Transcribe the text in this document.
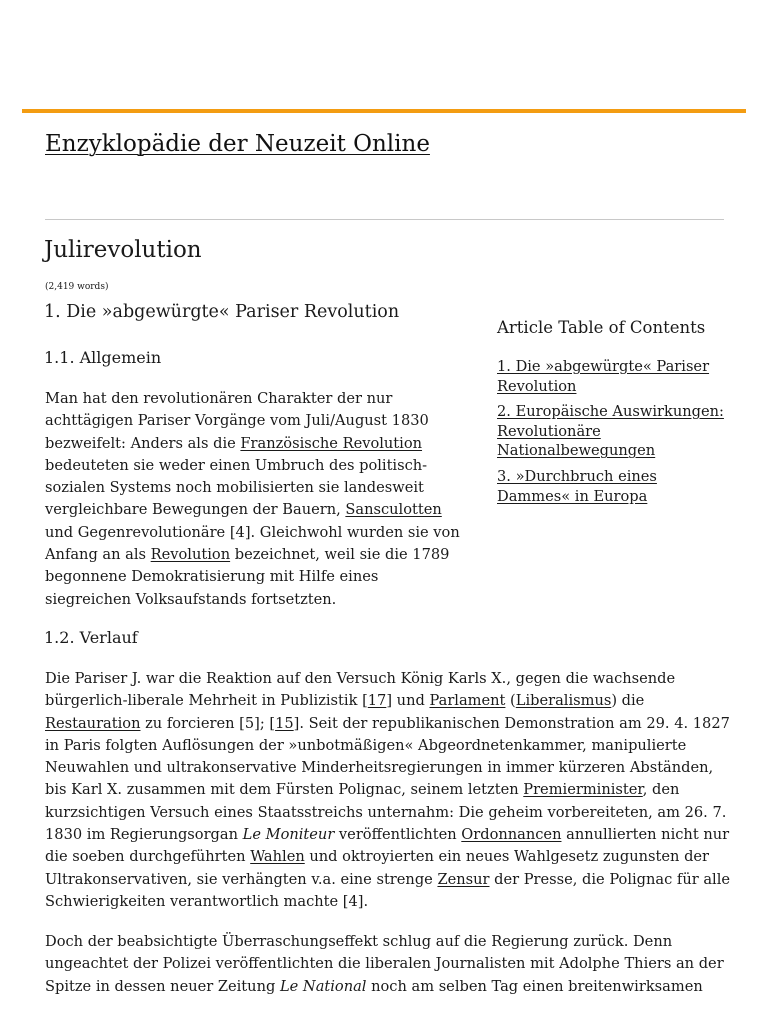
Enzyklopädie der Neuzeit Online
Julirevolution
(2,419 words)
1. Die »abgewürgte« Pariser Revolution
1.1. Allgemein

Man hat den revolutionären Charakter der nur achttägigen Pariser Vorgänge vom Juli/August 1830 bezweifelt: Anders als die Französische Revolution bedeuteten sie weder einen Umbruch des politisch-sozialen Systems noch mobilisierten sie landesweit vergleichbare Bewegungen der Bauern, Sansculotten und Gegenrevolutionäre [4]. Gleichwohl wurden sie von Anfang an als Revolution bezeichnet, weil sie die 1789 begonnene Demokratisierung mit Hilfe eines siegreichen Volksaufstands fortsetzten.

Article Table of Contents
1. Die »abgewürgte« Pariser Revolution
2. Europäische Auswirkungen: Revolutionäre Nationalbewegungen
3. »Durchbruch eines Dammes« in Europa
1.2. Verlauf

Die Pariser J. war die Reaktion auf den Versuch König Karls X., gegen die wachsende bürgerlich-liberale Mehrheit in Publizistik [17] und Parlament (Liberalismus) die Restauration zu forcieren [5]; [15]. Seit der republikanischen Demonstration am 29. 4. 1827 in Paris folgten Auflösungen der »unbotmäßigen« Abgeordnetenkammer, manipulierte Neuwahlen und ultrakonservative Minderheitsregierungen in immer kürzeren Abständen, bis Karl X. zusammen mit dem Fürsten Polignac, seinem letzten Premierminister, den kurzsichtigen Versuch eines Staatsstreichs unternahm: Die geheim vorbereiteten, am 26. 7. 1830 im Regierungsorgan Le Moniteur veröffentlichten Ordonnancen annullierten nicht nur die soeben durchgeführten Wahlen und oktroyierten ein neues Wahlgesetz zugunsten der Ultrakonservativen, sie verhängten v.a. eine strenge Zensur der Presse, die Polignac für alle Schwierigkeiten verantwortlich machte [4].

Doch der beabsichtigte Überraschungseffekt schlug auf die Regierung zurück. Denn ungeachtet der Polizei veröffentlichten die liberalen Journalisten mit Adolphe Thiers an der Spitze in dessen neuer Zeitung Le National noch am selben Tag einen breitenwirksamen
